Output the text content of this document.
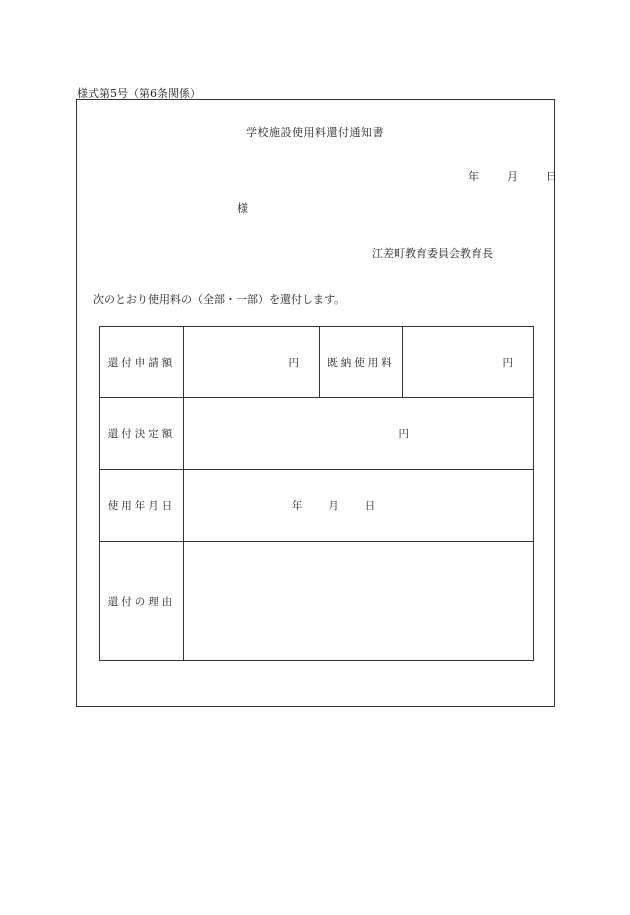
様式第5号（第6条関係）
学校施設使用料還付通知書
年	月	日
様
江差町教育委員会教育長
次のとおり使用料の（全部・一部）を還付します。
還付申請額	円	既納使用料	円
還付決定額	円		
使用年月日	年 月 日		
還付の理由			
